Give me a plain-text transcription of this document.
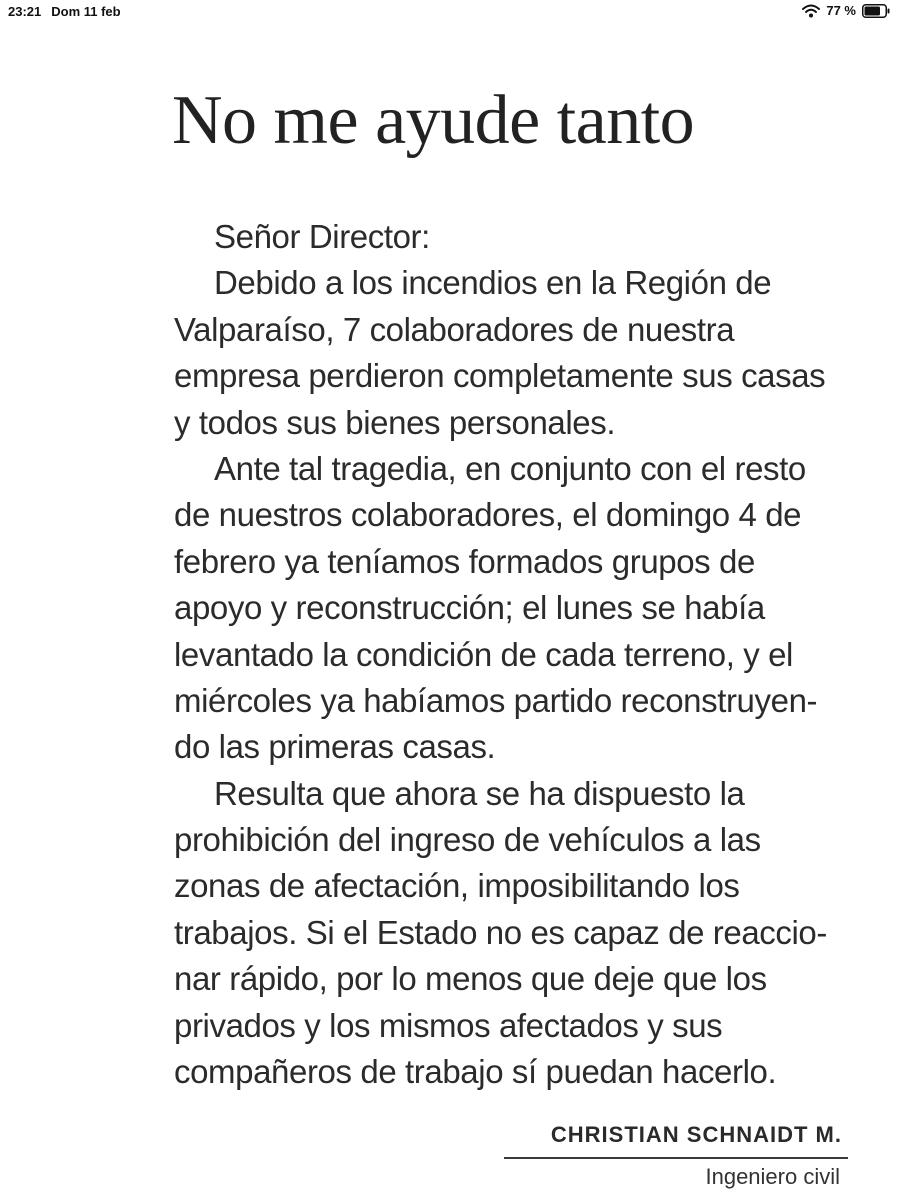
23:21 Dom 11 feb	77 %
No me ayude tanto
Señor Director:
Debido a los incendios en la Región de
Valparaíso, 7 colaboradores de nuestra
empresa perdieron completamente sus casas
y todos sus bienes personales.
Ante tal tragedia, en conjunto con el resto
de nuestros colaboradores, el domingo 4 de
febrero ya teníamos formados grupos de
apoyo y reconstrucción; el lunes se había
levantado la condición de cada terreno, y el
miércoles ya habíamos partido reconstruyen-
do las primeras casas.
Resulta que ahora se ha dispuesto la
prohibición del ingreso de vehículos a las
zonas de afectación, imposibilitando los
trabajos. Si el Estado no es capaz de reaccio-
nar rápido, por lo menos que deje que los
privados y los mismos afectados y sus
compañeros de trabajo sí puedan hacerlo.
CHRISTIAN SCHNAIDT M.
Ingeniero civil
